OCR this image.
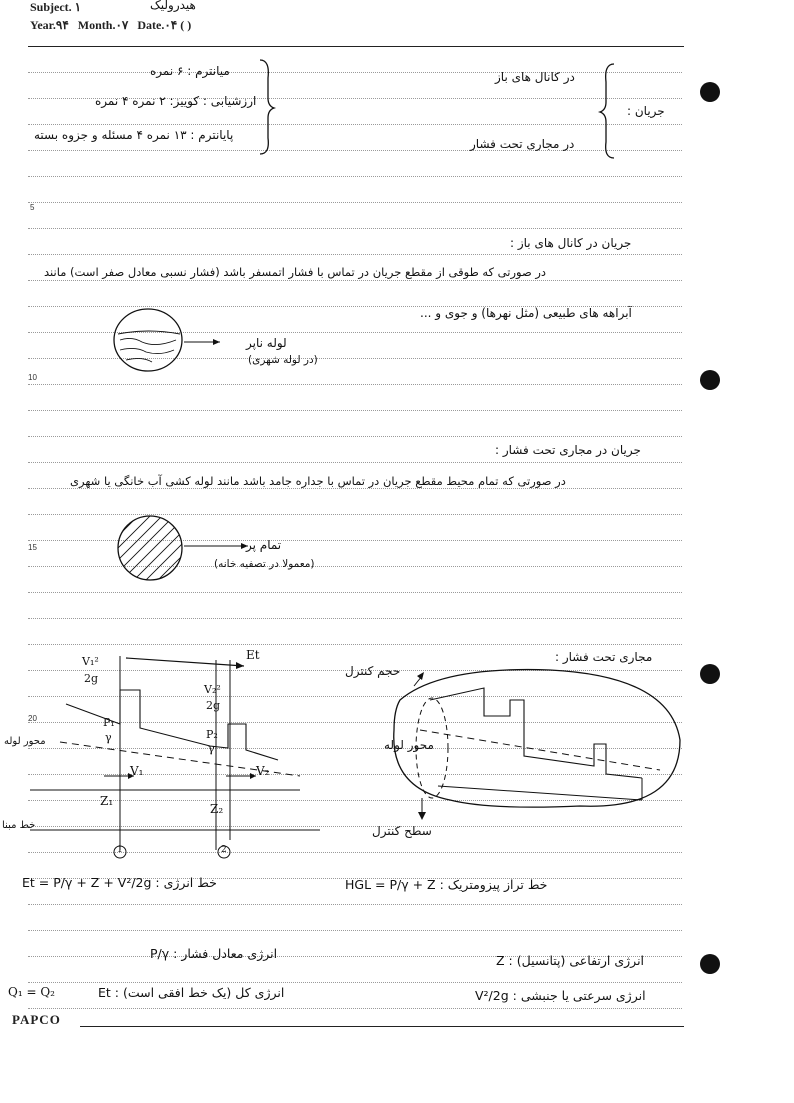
Subject. ۱	هیدرولیک
Year.۹۴ Month.۰۷ Date.۰۴ ( )
5
10
15
20
میانترم : ۶ نمره
ارزشیابی : کوییز: ۲ نمره ۴ نمره
پایانترم : ۱۳ نمره ۴ مسئله و جزوه بسته
در کانال های باز
جریان :
در مجاری تحت فشار
جریان در کانال های باز :
در صورتی که طوقی از مقطع جریان در تماس با فشار اتمسفر باشد (فشار نسبی معادل صفر است) مانند
آبراهه های طبیعی (مثل نهرها) و جوی و ...
لوله ناپر
(در لوله شهری)
جریان در مجاری تحت فشار :
در صورتی که تمام محیط مقطع جریان در تماس با جداره جامد باشد مانند لوله کشی آب خانگی یا شهری
تمام پر
(معمولا در تصفیه خانه)
مجاری تحت فشار :
V₁²
2g
V₂²
2g
P₁
γ	P₂
γ
V₁	V₂
Z₁
Z₂
Et
محور لوله
خط مبنا
1	2
حجم کنترل
محور لوله
سطح کنترل
خط انرژی : Et = P/γ + Z + V²/2g	خط تراز پیزومتریک : HGL = P/γ + Z
P/γ : انرژی معادل فشار	Z : انرژی ارتفاعی (پتانسیل)
Et : انرژی کل (یک خط افقی است)	V²/2g : انرژی سرعتی یا جنبشی
Q₁ = Q₂
PAPCO
